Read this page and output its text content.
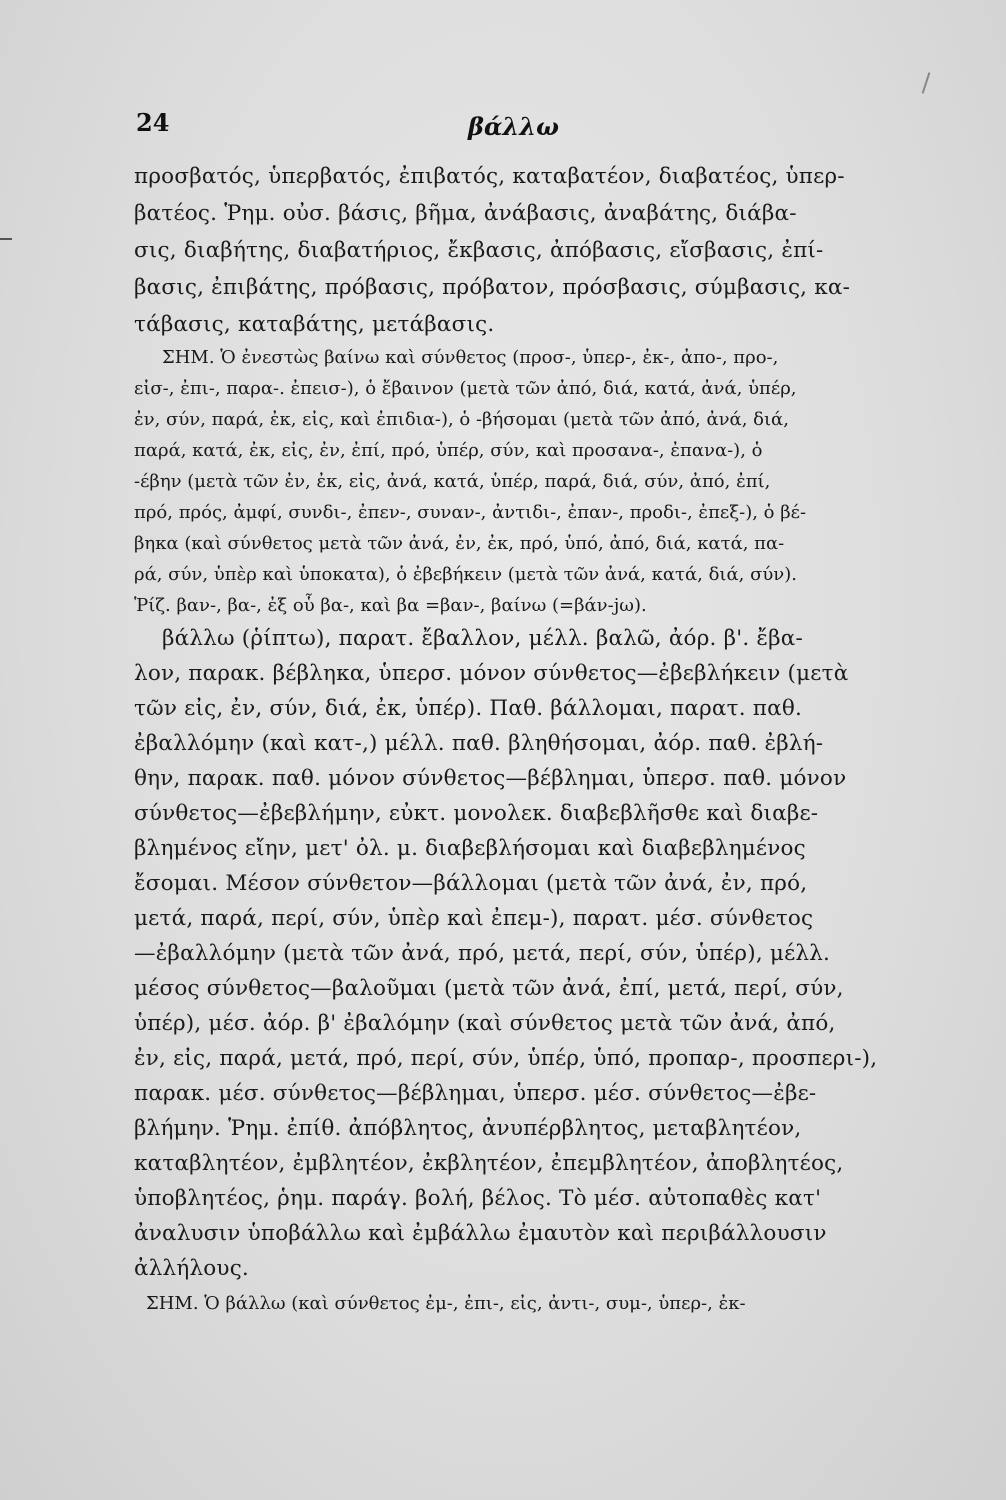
24	βάλλω
προσβατός, ὑπερβατός, ἐπιβατός, καταβατέον, διαβατέος, ὑπερ-
βατέος. Ῥημ. οὐσ. βάσις, βῆμα, ἀνάβασις, ἀναβάτης, διάβα-
σις, διαβήτης, διαβατήριος, ἔκβασις, ἀπόβασις, εἴσβασις, ἐπί-
βασις, ἐπιβάτης, πρόβασις, πρόβατον, πρόσβασις, σύμβασις, κα-
τάβασις, καταβάτης, μετάβασις.
ΣΗΜ. Ὁ ἐνεστὼς βαίνω καὶ σύνθετος (προσ-, ὑπερ-, ἐκ-, ἀπο-, προ-,
εἰσ-, ἐπι-, παρα-. ἐπεισ-), ὁ ἔβαινον (μετὰ τῶν ἀπό, διά, κατά, ἀνά, ὑπέρ,
ἐν, σύν, παρά, ἐκ, εἰς, καὶ ἐπιδια-), ὁ -βήσομαι (μετὰ τῶν ἀπό, ἀνά, διά,
παρά, κατά, ἐκ, εἰς, ἐν, ἐπί, πρό, ὑπέρ, σύν, καὶ προσανα-, ἐπανα-), ὁ
-έβην (μετὰ τῶν ἐν, ἐκ, εἰς, ἀνά, κατά, ὑπέρ, παρά, διά, σύν, ἀπό, ἐπί,
πρό, πρός, ἀμφί, συνδι-, ἐπεν-, συναν-, ἀντιδι-, ἐπαν-, προδι-, ἐπεξ-), ὁ βέ-
βηκα (καὶ σύνθετος μετὰ τῶν ἀνά, ἐν, ἐκ, πρό, ὑπό, ἀπό, διά, κατά, πα-
ρά, σύν, ὑπὲρ καὶ ὑποκατα), ὁ ἐβεβήκειν (μετὰ τῶν ἀνά, κατά, διά, σύν).
Ῥίζ. βαν-, βα-, ἐξ οὗ βα-, καὶ βα =βαν-, βαίνω (=βάν-jω).
βάλλω (ῥίπτω), παρατ. ἔβαλλον, μέλλ. βαλῶ, ἀόρ. β'. ἔβα-
λον, παρακ. βέβληκα, ὑπερσ. μόνον σύνθετος—ἐβεβλήκειν (μετὰ
τῶν εἰς, ἐν, σύν, διά, ἐκ, ὑπέρ). Παθ. βάλλομαι, παρατ. παθ.
ἐβαλλόμην (καὶ κατ-,) μέλλ. παθ. βληθήσομαι, ἀόρ. παθ. ἐβλή-
θην, παρακ. παθ. μόνον σύνθετος—βέβλημαι, ὑπερσ. παθ. μόνον
σύνθετος—ἐβεβλήμην, εὐκτ. μονολεκ. διαβεβλῆσθε καὶ διαβε-
βλημένος εἴην, μετ' ὀλ. μ. διαβεβλήσομαι καὶ διαβεβλημένος
ἔσομαι. Μέσον σύνθετον—βάλλομαι (μετὰ τῶν ἀνά, ἐν, πρό,
μετά, παρά, περί, σύν, ὑπὲρ καὶ ἐπεμ-), παρατ. μέσ. σύνθετος
—ἐβαλλόμην (μετὰ τῶν ἀνά, πρό, μετά, περί, σύν, ὑπέρ), μέλλ.
μέσος σύνθετος—βαλοῦμαι (μετὰ τῶν ἀνά, ἐπί, μετά, περί, σύν,
ὑπέρ), μέσ. ἀόρ. β' ἐβαλόμην (καὶ σύνθετος μετὰ τῶν ἀνά, ἀπό,
ἐν, εἰς, παρά, μετά, πρό, περί, σύν, ὑπέρ, ὑπό, προπαρ-, προσπερι-),
παρακ. μέσ. σύνθετος—βέβλημαι, ὑπερσ. μέσ. σύνθετος—ἐβε-
βλήμην. Ῥημ. ἐπίθ. ἀπόβλητος, ἀνυπέρβλητος, μεταβλητέον,
καταβλητέον, ἐμβλητέον, ἐκβλητέον, ἐπεμβλητέον, ἀποβλητέος,
ὑποβλητέος, ῥημ. παράγ. βολή, βέλος. Τὸ μέσ. αὐτοπαθὲς κατ'
ἀναλυσιν ὑποβάλλω καὶ ἐμβάλλω ἐμαυτὸν καὶ περιβάλλουσιν
ἀλλήλους.
ΣΗΜ. Ὁ βάλλω (καὶ σύνθετος ἐμ-, ἐπι-, εἰς, ἀντι-, συμ-, ὑπερ-, ἐκ-
